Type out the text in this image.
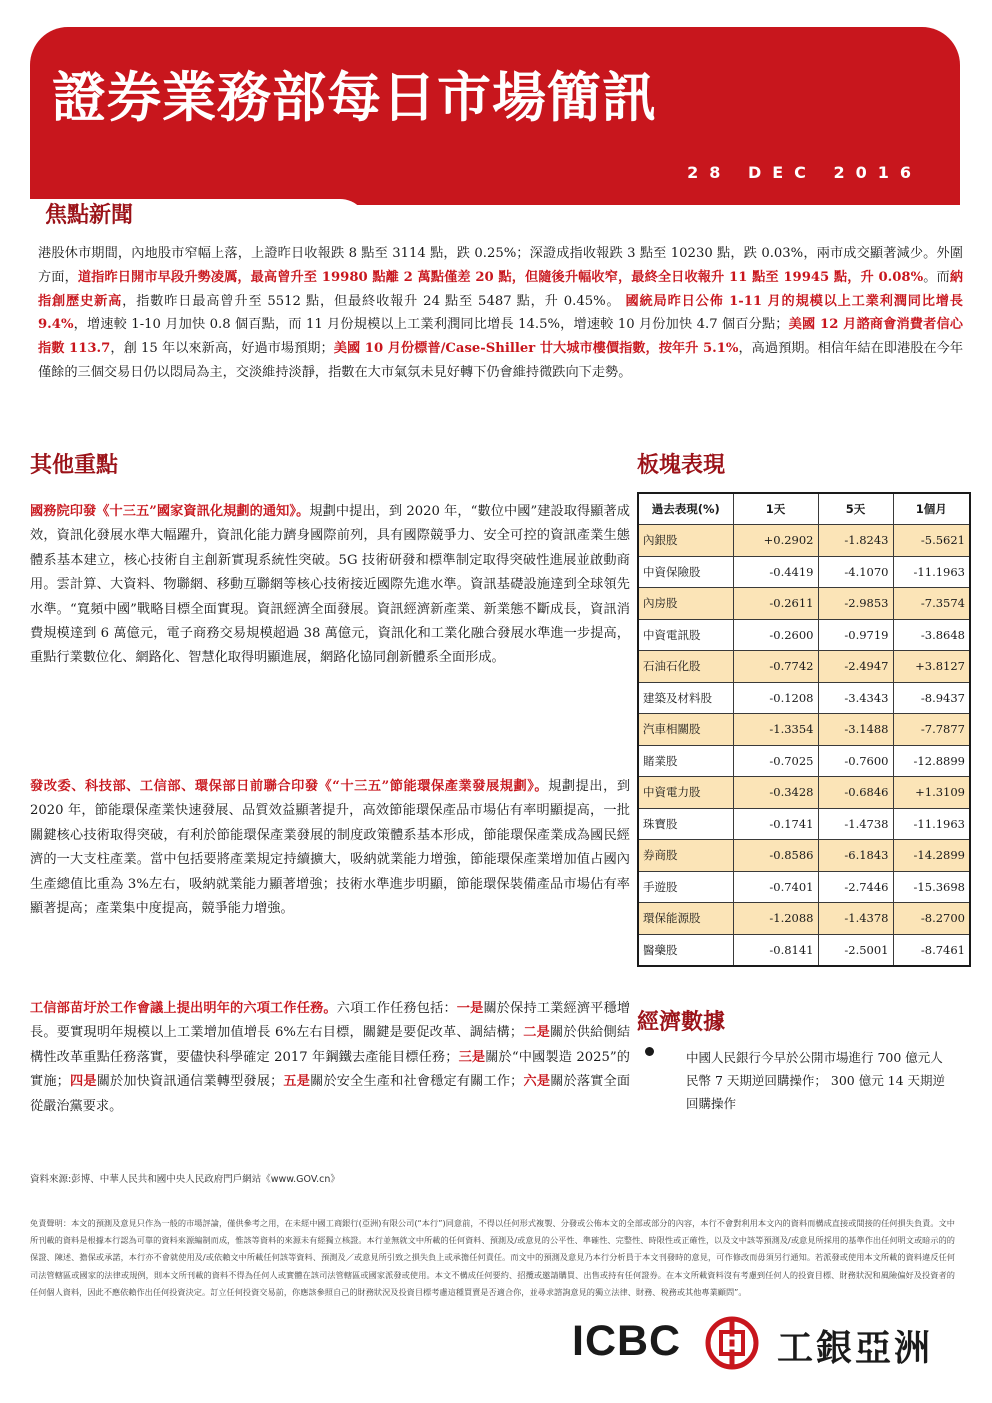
證券業務部每日市場簡訊
28 DEC 2016
焦點新聞

港股休市期間，內地股市窄幅上落，上證昨日收報跌 8 點至 3114 點，跌 0.25%；深證成指收報跌 3 點至 10230 點，跌 0.03%，兩市成交顯著減少。外圍方面，道指昨日開市早段升勢凌厲，最高曾升至 19980 點離 2 萬點僅差 20 點，但隨後升幅收窄，最終全日收報升 11 點至 19945 點，升 0.08%。而納指創歷史新高，指數昨日最高曾升至 5512 點，但最終收報升 24 點至 5487 點，升 0.45%。 國統局昨日公佈 1-11 月的規模以上工業利潤同比增長 9.4%，增速較 1-10 月加快 0.8 個百點，而 11 月份規模以上工業利潤同比增長 14.5%，增速較 10 月份加快 4.7 個百分點；美國 12 月諮商會消費者信心指數 113.7，創 15 年以來新高，好過市場預期；美國 10 月份標普/Case-Shiller 廿大城市樓價指數，按年升 5.1%，高過預期。相信年結在即港股在今年僅餘的三個交易日仍以悶局為主，交淡維持淡靜，指數在大市氣氛未見好轉下仍會維持微跌向下走勢。

其他重點

國務院印發《十三五”國家資訊化規劃的通知》。規劃中提出，到 2020 年，“數位中國”建設取得顯著成效，資訊化發展水準大幅躍升，資訊化能力躋身國際前列，具有國際競爭力、安全可控的資訊產業生態體系基本建立，核心技術自主創新實現系統性突破。5G 技術研發和標準制定取得突破性進展並啟動商用。雲計算、大資料、物聯網、移動互聯網等核心技術接近國際先進水準。資訊基礎設施達到全球領先水準。“寬頻中國”戰略目標全面實現。資訊經濟全面發展。資訊經濟新產業、新業態不斷成長，資訊消費規模達到 6 萬億元，電子商務交易規模超過 38 萬億元，資訊化和工業化融合發展水準進一步提高，重點行業數位化、網路化、智慧化取得明顯進展，網路化協同創新體系全面形成。

發改委、科技部、工信部、環保部日前聯合印發《“十三五”節能環保產業發展規劃》。規劃提出，到 2020 年，節能環保產業快速發展、品質效益顯著提升，高效節能環保產品市場佔有率明顯提高，一批關鍵核心技術取得突破，有利於節能環保產業發展的制度政策體系基本形成，節能環保產業成為國民經濟的一大支柱產業。當中包括要將產業規定持續擴大，吸納就業能力增強，節能環保產業增加值占國內生產總值比重為 3%左右，吸納就業能力顯著增強；技術水準進步明顯，節能環保裝備產品市場佔有率顯著提高；產業集中度提高，競爭能力增強。

工信部苗圩於工作會議上提出明年的六項工作任務。六項工作任務包括：一是關於保持工業經濟平穩增長。要實現明年規模以上工業增加值增長 6%左右目標，關鍵是要促改革、調結構；二是關於供給側結構性改革重點任務落實，要儘快科學確定 2017 年鋼鐵去產能目標任務；三是關於“中國製造 2025”的實施；四是關於加快資訊通信業轉型發展；五是關於安全生產和社會穩定有關工作；六是關於落實全面從嚴治黨要求。

板塊表現
過去表現(%)	1天	5天	1個月
內銀股	+0.2902	-1.8243	-5.5621
中資保險股	-0.4419	-4.1070	-11.1963
內房股	-0.2611	-2.9853	-7.3574
中資電訊股	-0.2600	-0.9719	-3.8648
石油石化股	-0.7742	-2.4947	+3.8127
建築及材料股	-0.1208	-3.4343	-8.9437
汽車相關股	-1.3354	-3.1488	-7.7877
賭業股	-0.7025	-0.7600	-12.8899
中資電力股	-0.3428	-0.6846	+1.3109
珠寶股	-0.1741	-1.4738	-11.1963
券商股	-0.8586	-6.1843	-14.2899
手遊股	-0.7401	-2.7446	-15.3698
環保能源股	-1.2088	-1.4378	-8.2700
醫藥股	-0.8141	-2.5001	-8.7461
經濟數據

中國人民銀行今早於公開市場進行 700 億元人民幣 7 天期逆回購操作； 300 億元 14 天期逆回購操作

資料來源:彭博、中華人民共和國中央人民政府門戶網站《www.GOV.cn》

免責聲明：本文的預測及意見只作為一般的市場評論，僅供參考之用，在未經中國工商銀行(亞洲)有限公司(“本行”)同意前，不得以任何形式複製、分發或公佈本文的全部或部分的內容，本行不會對利用本文內的資料而構成直接或間接的任何損失負責。文中所刊載的資料是根據本行認為可靠的資料來源編制而成，惟該等資料的來源未有經獨立核證。本行並無就文中所載的任何資料、預測及/或意見的公平性、準確性、完整性、時限性或正確性，以及文中該等預測及/或意見所採用的基準作出任何明文或暗示的的保證、陳述、擔保或承諾，本行亦不會就使用及/或依賴文中所載任何該等資料、預測及／或意見所引致之損失負上或承擔任何責任。而文中的預測及意見乃本行分析員于本文刊發時的意見，可作修改而毋須另行通知。若派發或使用本文所載的資料違反任何司法管轄區或國家的法律或規例，則本文所刊載的資料不得為任何人或實體在該司法管轄區或國家派發或使用。本文不構成任何要約、招攬或邀請購買、出售或持有任何證券。在本文所載資料沒有考慮到任何人的投資目標、財務狀況和風險偏好及投資者的任何個人資料，因此不應依賴作出任何投資決定。訂立任何投資交易前，你應該參照自己的財務狀況及投資目標考慮這種買賣是否適合你，並尋求諮詢意見的獨立法律、財務、稅務或其他專業顧問”。

ICBC	工銀亞洲
